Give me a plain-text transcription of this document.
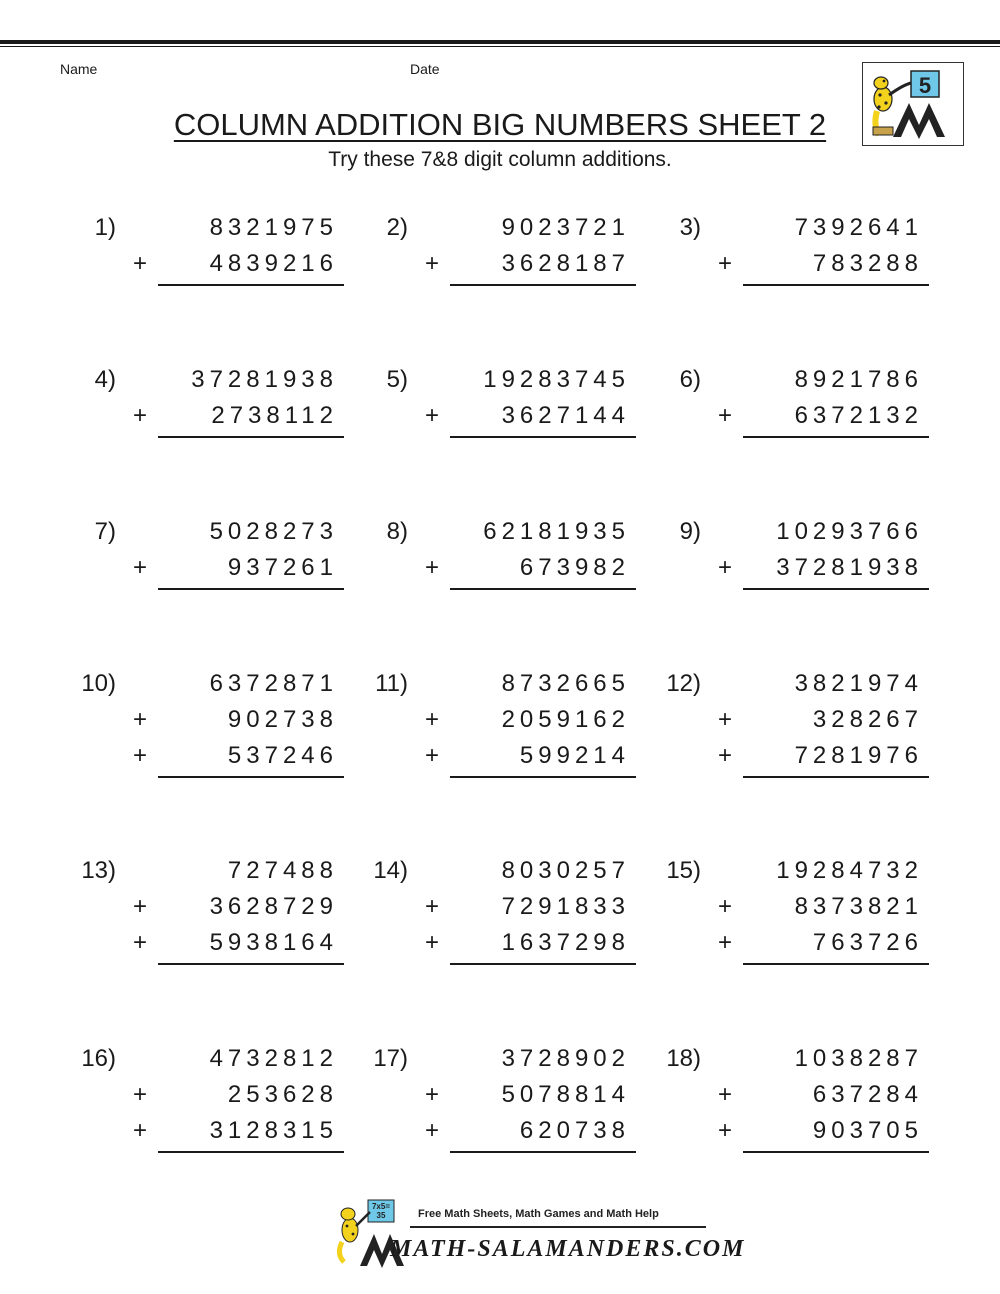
Name	Date
5
COLUMN ADDITION BIG NUMBERS SHEET 2
Try these 7&8 digit column additions.
1)	8321975
+	4839216
2)	9023721
+	3628187
3)	7392641
+	783288
4)	37281938
+	2738112
5)	19283745
+	3627144
6)	8921786
+	6372132
7)	5028273
+	937261
8)	62181935
+	673982
9)	10293766
+	37281938
10)	6372871
+	902738
+	537246
11)	8732665
+	2059162
+	599214
12)	3821974
+	328267
+	7281976
13)	727488
+	3628729
+	5938164
14)	8030257
+	7291833
+	1637298
15)	19284732
+	8373821
+	763726
16)	4732812
+	253628
+	3128315
17)	3728902
+	5078814
+	620738
18)	1038287
+	637284
+	903705
Free Math Sheets, Math Games and Math Help
MATH-SALAMANDERS.COM
7x5= 35
